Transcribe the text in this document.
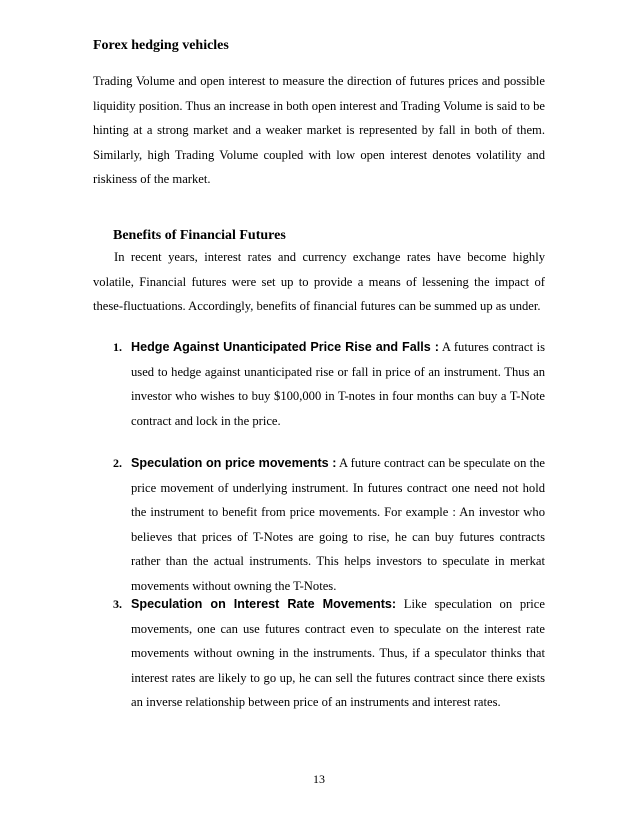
Forex hedging vehicles

Trading Volume and open interest to measure the direction of futures prices and possible liquidity position. Thus an increase in both open interest and Trading Volume is said to be hinting at a strong market and a weaker market is represented by fall in both of them. Similarly, high Trading Volume coupled with low open interest denotes volatility and riskiness of the market.

Benefits of Financial Futures

In recent years, interest rates and currency exchange rates have become highly volatile, Financial futures were set up to provide a means of lessening the impact of these-fluctuations. Accordingly, benefits of financial futures can be summed up as under.

1. Hedge Against Unanticipated Price Rise and Falls : A futures contract is used to hedge against unanticipated rise or fall in price of an instrument. Thus an investor who wishes to buy $100,000 in T-notes in four months can buy a T-Note contract and lock in the price.
2. Speculation on price movements : A future contract can be speculate on the price movement of underlying instrument. In futures contract one need not hold the instrument to benefit from price movements. For example : An investor who believes that prices of T-Notes are going to rise, he can buy futures contracts rather than the actual instruments. This helps investors to speculate in merkat movements without owning the T-Notes.
3. Speculation on Interest Rate Movements: Like speculation on price movements, one can use futures contract even to speculate on the interest rate movements without owning in the instruments. Thus, if a speculator thinks that interest rates are likely to go up, he can sell the futures contract since there exists an inverse relationship between price of an instruments and interest rates.

13
